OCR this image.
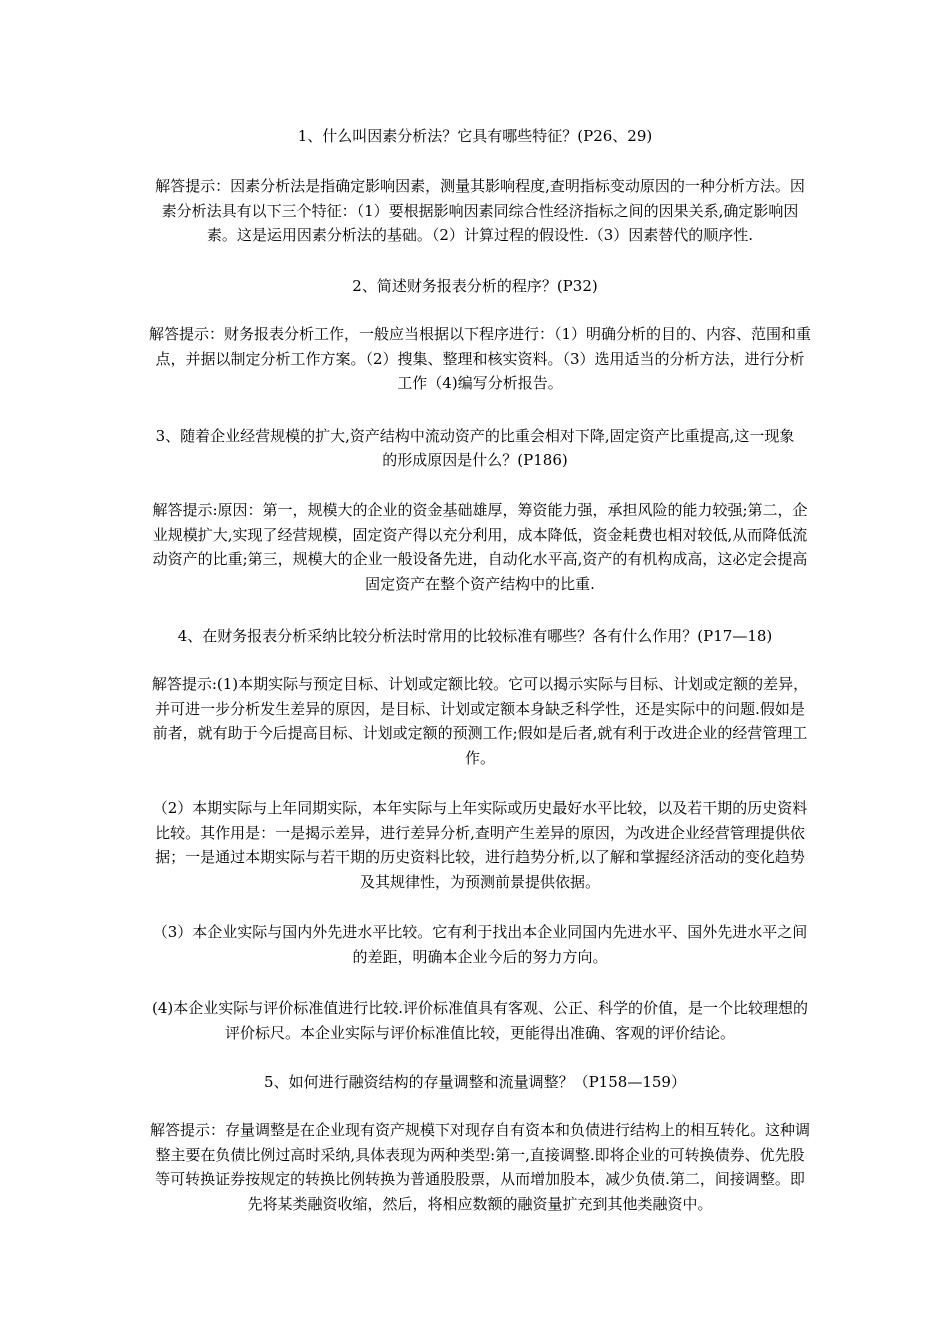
1、什么叫因素分析法？它具有哪些特征？(P26、29)
解答提示：因素分析法是指确定影响因素，测量其影响程度,查明指标变动原因的一种分析方法。因素分析法具有以下三个特征：（1）要根据影响因素同综合性经济指标之间的因果关系,确定影响因素。这是运用因素分析法的基础。（2）计算过程的假设性.（3）因素替代的顺序性.
2、简述财务报表分析的程序？(P32)
解答提示：财务报表分析工作，一般应当根据以下程序进行：（1）明确分析的目的、内容、范围和重点，并据以制定分析工作方案。（2）搜集、整理和核实资料。（3）选用适当的分析方法，进行分析工作（4)编写分析报告。
3、随着企业经营规模的扩大,资产结构中流动资产的比重会相对下降,固定资产比重提高,这一现象的形成原因是什么？(P186)
解答提示:原因：第一，规模大的企业的资金基础雄厚，筹资能力强，承担风险的能力较强;第二，企业规模扩大,实现了经营规模，固定资产得以充分利用，成本降低，资金耗费也相对较低,从而降低流动资产的比重;第三，规模大的企业一般设备先进，自动化水平高,资产的有机构成高，这必定会提高固定资产在整个资产结构中的比重.
4、在财务报表分析采纳比较分析法时常用的比较标准有哪些？各有什么作用？(P17—18)
解答提示:(1)本期实际与预定目标、计划或定额比较。它可以揭示实际与目标、计划或定额的差异，并可进一步分析发生差异的原因，是目标、计划或定额本身缺乏科学性，还是实际中的问题.假如是前者，就有助于今后提高目标、计划或定额的预测工作;假如是后者,就有利于改进企业的经营管理工作。
（2）本期实际与上年同期实际，本年实际与上年实际或历史最好水平比较，以及若干期的历史资料比较。其作用是：一是揭示差异，进行差异分析,查明产生差异的原因，为改进企业经营管理提供依据；一是通过本期实际与若干期的历史资料比较，进行趋势分析,以了解和掌握经济活动的变化趋势及其规律性，为预测前景提供依据。
（3）本企业实际与国内外先进水平比较。它有利于找出本企业同国内先进水平、国外先进水平之间的差距，明确本企业今后的努力方向。
(4)本企业实际与评价标准值进行比较.评价标准值具有客观、公正、科学的价值，是一个比较理想的评价标尺。本企业实际与评价标准值比较，更能得出准确、客观的评价结论。
5、如何进行融资结构的存量调整和流量调整？（P158—159）
解答提示：存量调整是在企业现有资产规模下对现存自有资本和负债进行结构上的相互转化。这种调整主要在负债比例过高时采纳,具体表现为两种类型:第一,直接调整.即将企业的可转换债券、优先股等可转换证券按规定的转换比例转换为普通股股票，从而增加股本，减少负债.第二，间接调整。即先将某类融资收缩，然后，将相应数额的融资量扩充到其他类融资中。
